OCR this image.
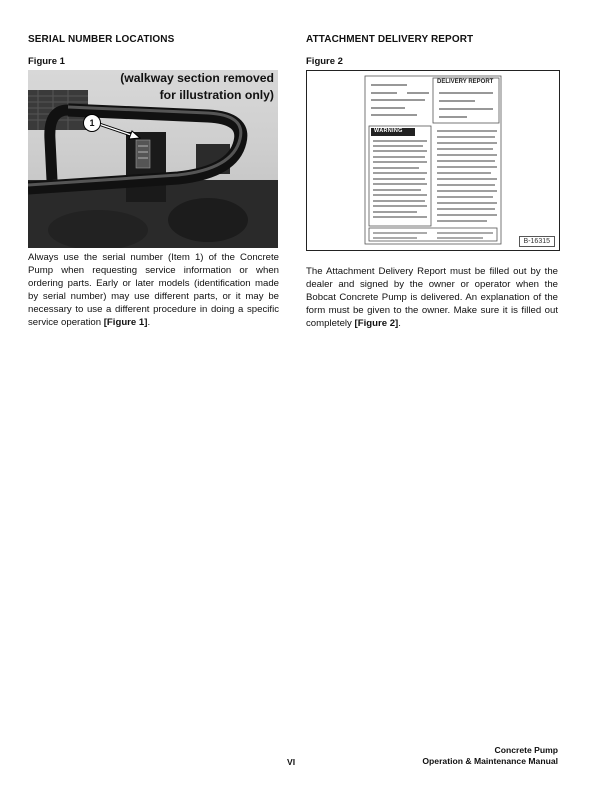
SERIAL NUMBER LOCATIONS
Figure 1
(walkway section removed
for illustration only)
1
Always use the serial number (Item 1) of the Concrete Pump when requesting service information or when ordering parts. Early or later models (identification made by serial number) may use different parts, or it may be necessary to use a different procedure in doing a specific service operation [Figure 1].
ATTACHMENT DELIVERY REPORT
Figure 2
DELIVERY REPORT
WARNING
B-16315
The Attachment Delivery Report must be filled out by the dealer and signed by the owner or operator when the Bobcat Concrete Pump is delivered. An explanation of the form must be given to the owner. Make sure it is filled out completely [Figure 2].
VI
Concrete Pump
Operation & Maintenance Manual
